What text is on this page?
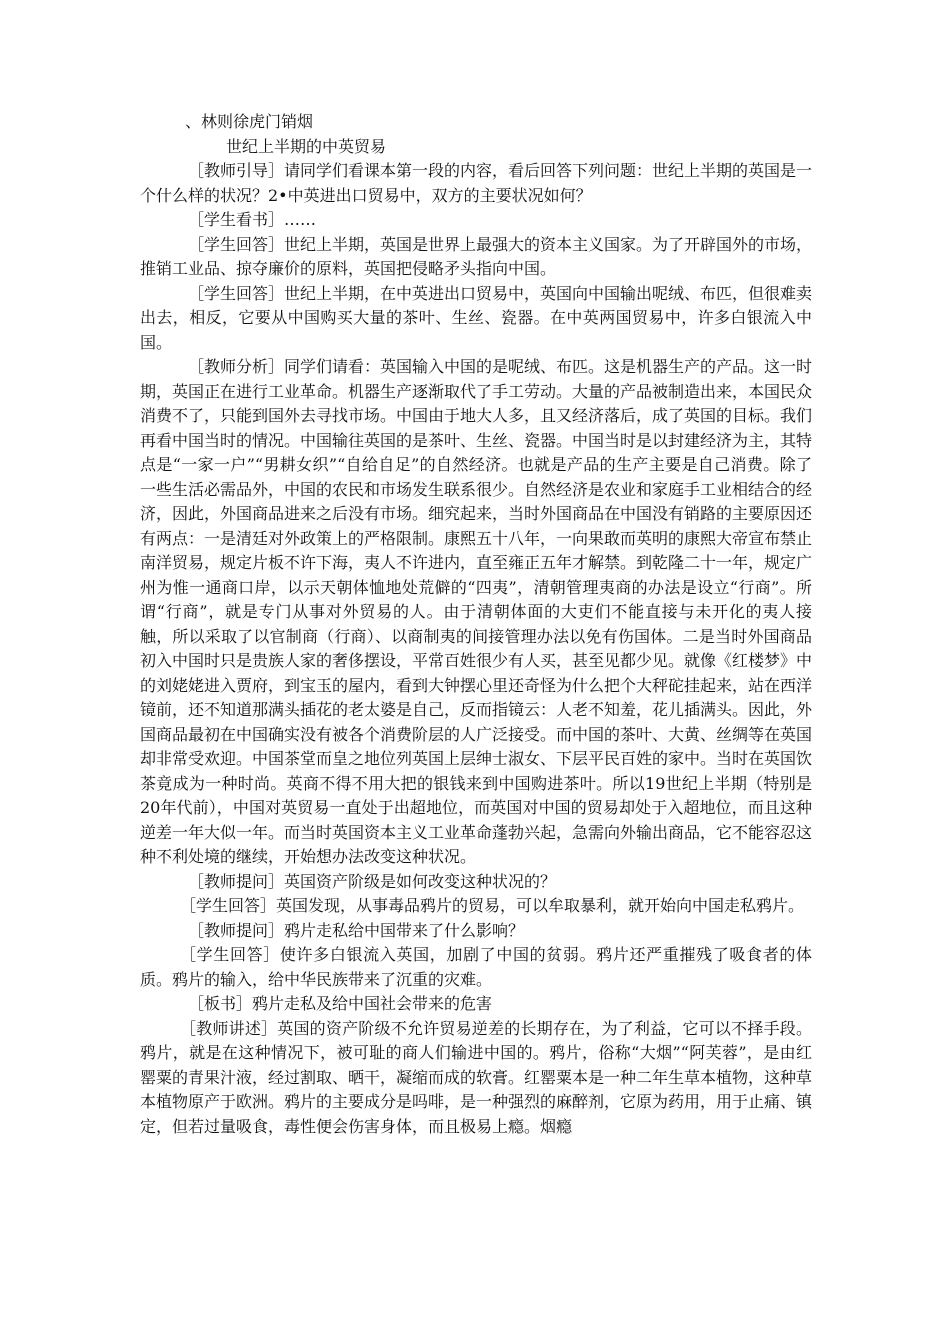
、林则徐虎门销烟

世纪上半期的中英贸易

［教师引导］请同学们看课本第一段的内容，看后回答下列问题：世纪上半期的英国是一个什么样的状况？2•中英进出口贸易中，双方的主要状况如何？

［学生看书］……

［学生回答］世纪上半期，英国是世界上最强大的资本主义国家。为了开辟国外的市场，推销工业品、掠夺廉价的原料，英国把侵略矛头指向中国。

［学生回答］世纪上半期，在中英进出口贸易中，英国向中国输出呢绒、布匹，但很难卖出去，相反，它要从中国购买大量的茶叶、生丝、瓷器。在中英两国贸易中，许多白银流入中国。

［教师分析］同学们请看：英国输入中国的是呢绒、布匹。这是机器生产的产品。这一时期，英国正在进行工业革命。机器生产逐渐取代了手工劳动。大量的产品被制造出来，本国民众消费不了，只能到国外去寻找市场。中国由于地大人多，且又经济落后，成了英国的目标。我们再看中国当时的情况。中国输往英国的是茶叶、生丝、瓷器。中国当时是以封建经济为主，其特点是“一家一户”“男耕女织”“自给自足”的自然经济。也就是产品的生产主要是自己消费。除了一些生活必需品外，中国的农民和市场发生联系很少。自然经济是农业和家庭手工业相结合的经济，因此，外国商品进来之后没有市场。细究起来，当时外国商品在中国没有销路的主要原因还有两点：一是清廷对外政策上的严格限制。康熙五十八年，一向果敢而英明的康熙大帝宣布禁止南洋贸易，规定片板不许下海，夷人不许进内，直至雍正五年才解禁。到乾隆二十一年，规定广州为惟一通商口岸，以示天朝体恤地处荒僻的“四夷”，清朝管理夷商的办法是设立“行商”。所谓“行商”，就是专门从事对外贸易的人。由于清朝体面的大吏们不能直接与未开化的夷人接触，所以采取了以官制商（行商）、以商制夷的间接管理办法以免有伤国体。二是当时外国商品初入中国时只是贵族人家的奢侈摆设，平常百姓很少有人买，甚至见都少见。就像《红楼梦》中的刘姥姥进入贾府，到宝玉的屋内，看到大钟摆心里还奇怪为什么把个大秤砣挂起来，站在西洋镜前，还不知道那满头插花的老太婆是自己，反而指镜云：人老不知羞，花儿插满头。因此，外国商品最初在中国确实没有被各个消费阶层的人广泛接受。而中国的茶叶、大黄、丝绸等在英国却非常受欢迎。中国茶堂而皇之地位列英国上层绅士淑女、下层平民百姓的家中。当时在英国饮茶竟成为一种时尚。英商不得不用大把的银钱来到中国购进茶叶。所以19世纪上半期（特别是20年代前），中国对英贸易一直处于出超地位，而英国对中国的贸易却处于入超地位，而且这种逆差一年大似一年。而当时英国资本主义工业革命蓬勃兴起，急需向外输出商品，它不能容忍这种不利处境的继续，开始想办法改变这种状况。

［教师提问］英国资产阶级是如何改变这种状况的？

［学生回答］英国发现，从事毒品鸦片的贸易，可以牟取暴利，就开始向中国走私鸦片。

［教师提问］鸦片走私给中国带来了什么影响？

［学生回答］使许多白银流入英国，加剧了中国的贫弱。鸦片还严重摧残了吸食者的体质。鸦片的输入，给中华民族带来了沉重的灾难。

［板书］鸦片走私及给中国社会带来的危害

［教师讲述］英国的资产阶级不允许贸易逆差的长期存在，为了利益，它可以不择手段。鸦片，就是在这种情况下，被可耻的商人们输进中国的。鸦片，俗称“大烟”“阿芙蓉”，是由红罂粟的青果汁液，经过割取、晒干，凝缩而成的软膏。红罂粟本是一种二年生草本植物，这种草本植物原产于欧洲。鸦片的主要成分是吗啡，是一种强烈的麻醉剂，它原为药用，用于止痛、镇定，但若过量吸食，毒性便会伤害身体，而且极易上瘾。烟瘾
